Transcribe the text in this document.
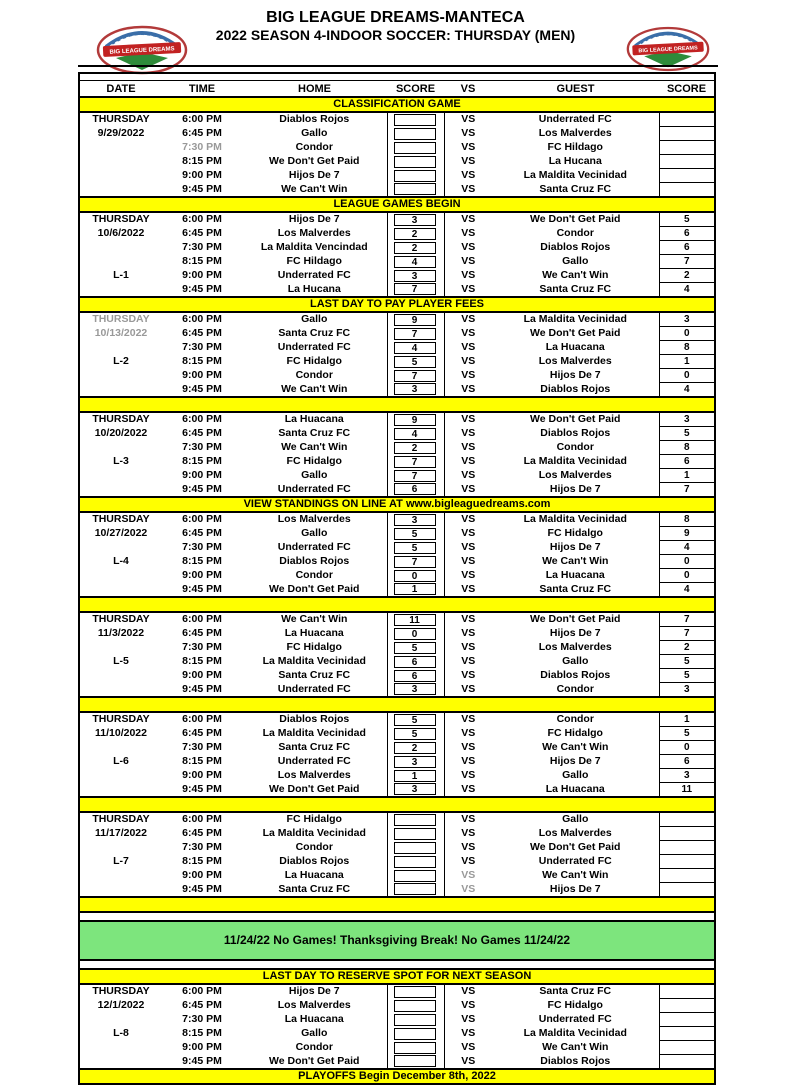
BIG LEAGUE DREAMS	BIG LEAGUE DREAMS
BIG LEAGUE DREAMS-MANTECA
2022 SEASON 4-INDOOR SOCCER: THURSDAY (MEN)

DATE	TIME	HOME	SCORE	VS	GUEST	SCORE
CLASSIFICATION GAME						
THURSDAY	6:00 PM	Diablos Rojos		VS	Underrated FC	
9/29/2022	6:45 PM	Gallo		VS	Los Malverdes	
	7:30 PM	Condor		VS	FC Hildago	
	8:15 PM	We Don't Get Paid		VS	La Hucana	
	9:00 PM	Hijos De 7		VS	La Maldita Vecinidad	
	9:45 PM	We Can't Win		VS	Santa Cruz FC	
LEAGUE GAMES BEGIN						
THURSDAY	6:00 PM	Hijos De 7	3	VS	We Don't Get Paid	5
10/6/2022	6:45 PM	Los Malverdes	2	VS	Condor	6
	7:30 PM	La Maldita Vencindad	2	VS	Diablos Rojos	6
	8:15 PM	FC Hildago	4	VS	Gallo	7
L-1	9:00 PM	Underrated FC	3	VS	We Can't Win	2
	9:45 PM	La Hucana	7	VS	Santa Cruz FC	4
LAST DAY TO PAY PLAYER FEES						
THURSDAY	6:00 PM	Gallo	9	VS	La Maldita Vecinidad	3
10/13/2022	6:45 PM	Santa Cruz FC	7	VS	We Don't Get Paid	0
	7:30 PM	Underrated FC	4	VS	La Huacana	8
L-2	8:15 PM	FC Hidalgo	5	VS	Los Malverdes	1
	9:00 PM	Condor	7	VS	Hijos De 7	0
	9:45 PM	We Can't Win	3	VS	Diablos Rojos	4

THURSDAY	6:00 PM	La Huacana	9	VS	We Don't Get Paid	3
10/20/2022	6:45 PM	Santa Cruz FC	4	VS	Diablos Rojos	5
	7:30 PM	We Can't Win	2	VS	Condor	8
L-3	8:15 PM	FC Hidalgo	7	VS	La Maldita Vecinidad	6
	9:00 PM	Gallo	7	VS	Los Malverdes	1
	9:45 PM	Underrated FC	6	VS	Hijos De 7	7
VIEW STANDINGS ON LINE AT www.bigleaguedreams.com						
THURSDAY	6:00 PM	Los Malverdes	3	VS	La Maldita Vecinidad	8
10/27/2022	6:45 PM	Gallo	5	VS	FC Hidalgo	9
	7:30 PM	Underrated FC	5	VS	Hijos De 7	4
L-4	8:15 PM	Diablos Rojos	7	VS	We Can't Win	0
	9:00 PM	Condor	0	VS	La Huacana	0
	9:45 PM	We Don't Get Paid	1	VS	Santa Cruz FC	4

THURSDAY	6:00 PM	We Can't Win	11	VS	We Don't Get Paid	7
11/3/2022	6:45 PM	La Huacana	0	VS	Hijos De 7	7
	7:30 PM	FC Hidalgo	5	VS	Los Malverdes	2
L-5	8:15 PM	La Maldita Vecinidad	6	VS	Gallo	5
	9:00 PM	Santa Cruz FC	6	VS	Diablos Rojos	5
	9:45 PM	Underrated FC	3	VS	Condor	3

THURSDAY	6:00 PM	Diablos Rojos	5	VS	Condor	1
11/10/2022	6:45 PM	La Maldita Vecinidad	5	VS	FC Hidalgo	5
	7:30 PM	Santa Cruz FC	2	VS	We Can't Win	0
L-6	8:15 PM	Underrated FC	3	VS	Hijos De 7	6
	9:00 PM	Los Malverdes	1	VS	Gallo	3
	9:45 PM	We Don't Get Paid	3	VS	La Huacana	11

THURSDAY	6:00 PM	FC Hidalgo		VS	Gallo	
11/17/2022	6:45 PM	La Maldita Vecinidad		VS	Los Malverdes	
	7:30 PM	Condor		VS	We Don't Get Paid	
L-7	8:15 PM	Diablos Rojos		VS	Underrated FC	
	9:00 PM	La Huacana		VS	We Can't Win	
	9:45 PM	Santa Cruz FC		VS	Hijos De 7	

11/24/22 No Games! Thanksgiving Break! No Games 11/24/22						

LAST DAY TO RESERVE SPOT FOR NEXT SEASON						
THURSDAY	6:00 PM	Hijos De 7		VS	Santa Cruz FC	
12/1/2022	6:45 PM	Los Malverdes		VS	FC Hidalgo	
	7:30 PM	La Huacana		VS	Underrated FC	
L-8	8:15 PM	Gallo		VS	La Maldita Vecinidad	
	9:00 PM	Condor		VS	We Can't Win	
	9:45 PM	We Don't Get Paid		VS	Diablos Rojos	
PLAYOFFS Begin December 8th, 2022						
